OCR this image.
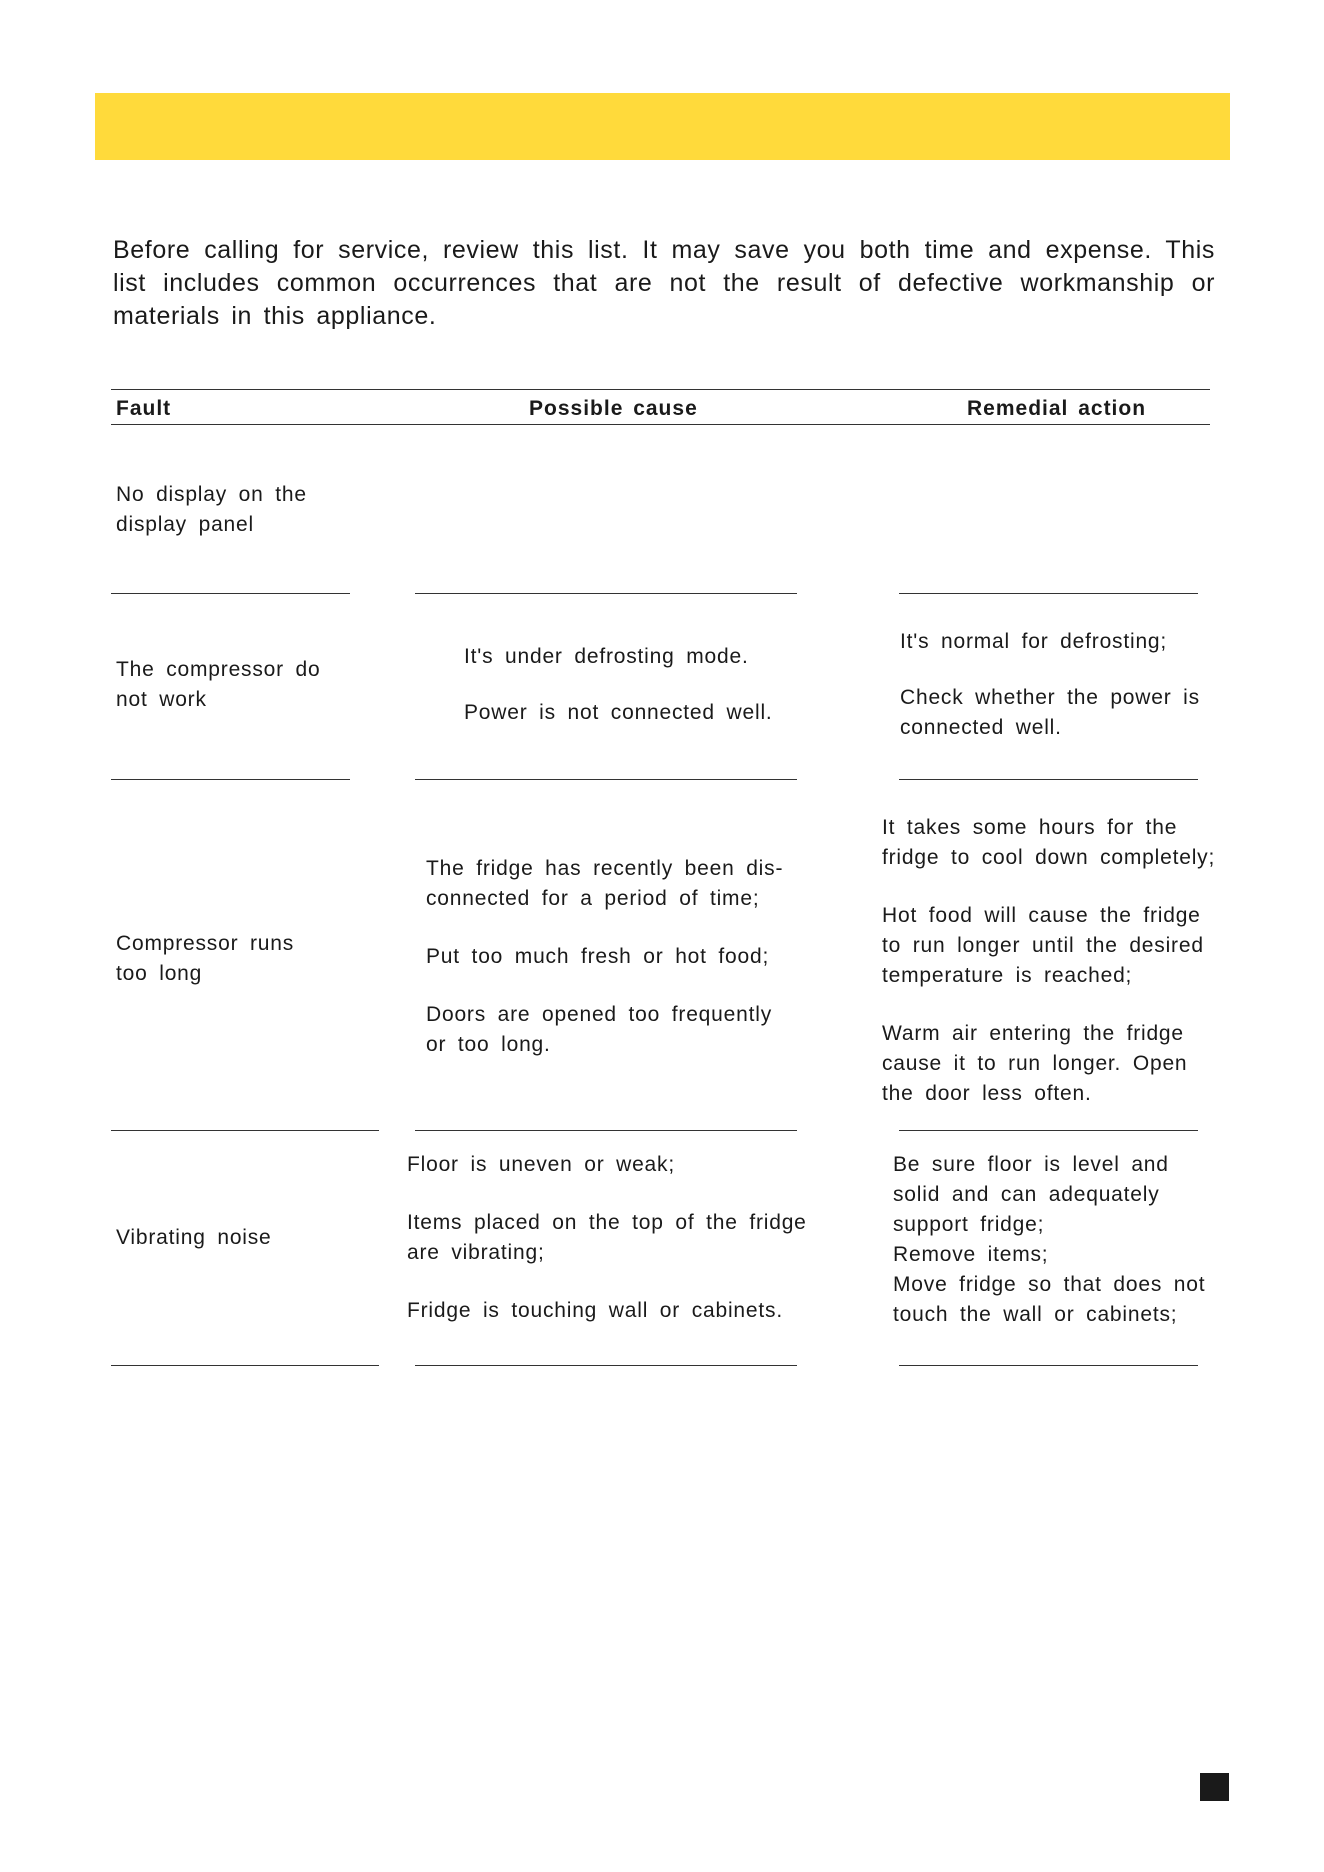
Before calling for service, review this list. It may save you both time and expense. This list includes common occurrences that are not the result of defective workmanship or materials in this appliance.
Fault	Possible cause	Remedial action
No display on the display panel
The compressor do not work

It's under defrosting mode.

Power is not connected well.

It's normal for defrosting;

Check whether the power is connected well.

Compressor runs too long

The fridge has recently been dis- connected for a period of time;

Put too much fresh or hot food;

Doors are opened too frequently or too long.

It takes some hours for the fridge to cool down completely;

Hot food will cause the fridge to run longer until the desired temperature is reached;

Warm air entering the fridge cause it to run longer. Open the door less often.

Vibrating noise

Floor is uneven or weak;

Items placed on the top of the fridge are vibrating;

Fridge is touching wall or cabinets.

Be sure floor is level and solid and can adequately support fridge;

Remove items;

Move fridge so that does not touch the wall or cabinets;
